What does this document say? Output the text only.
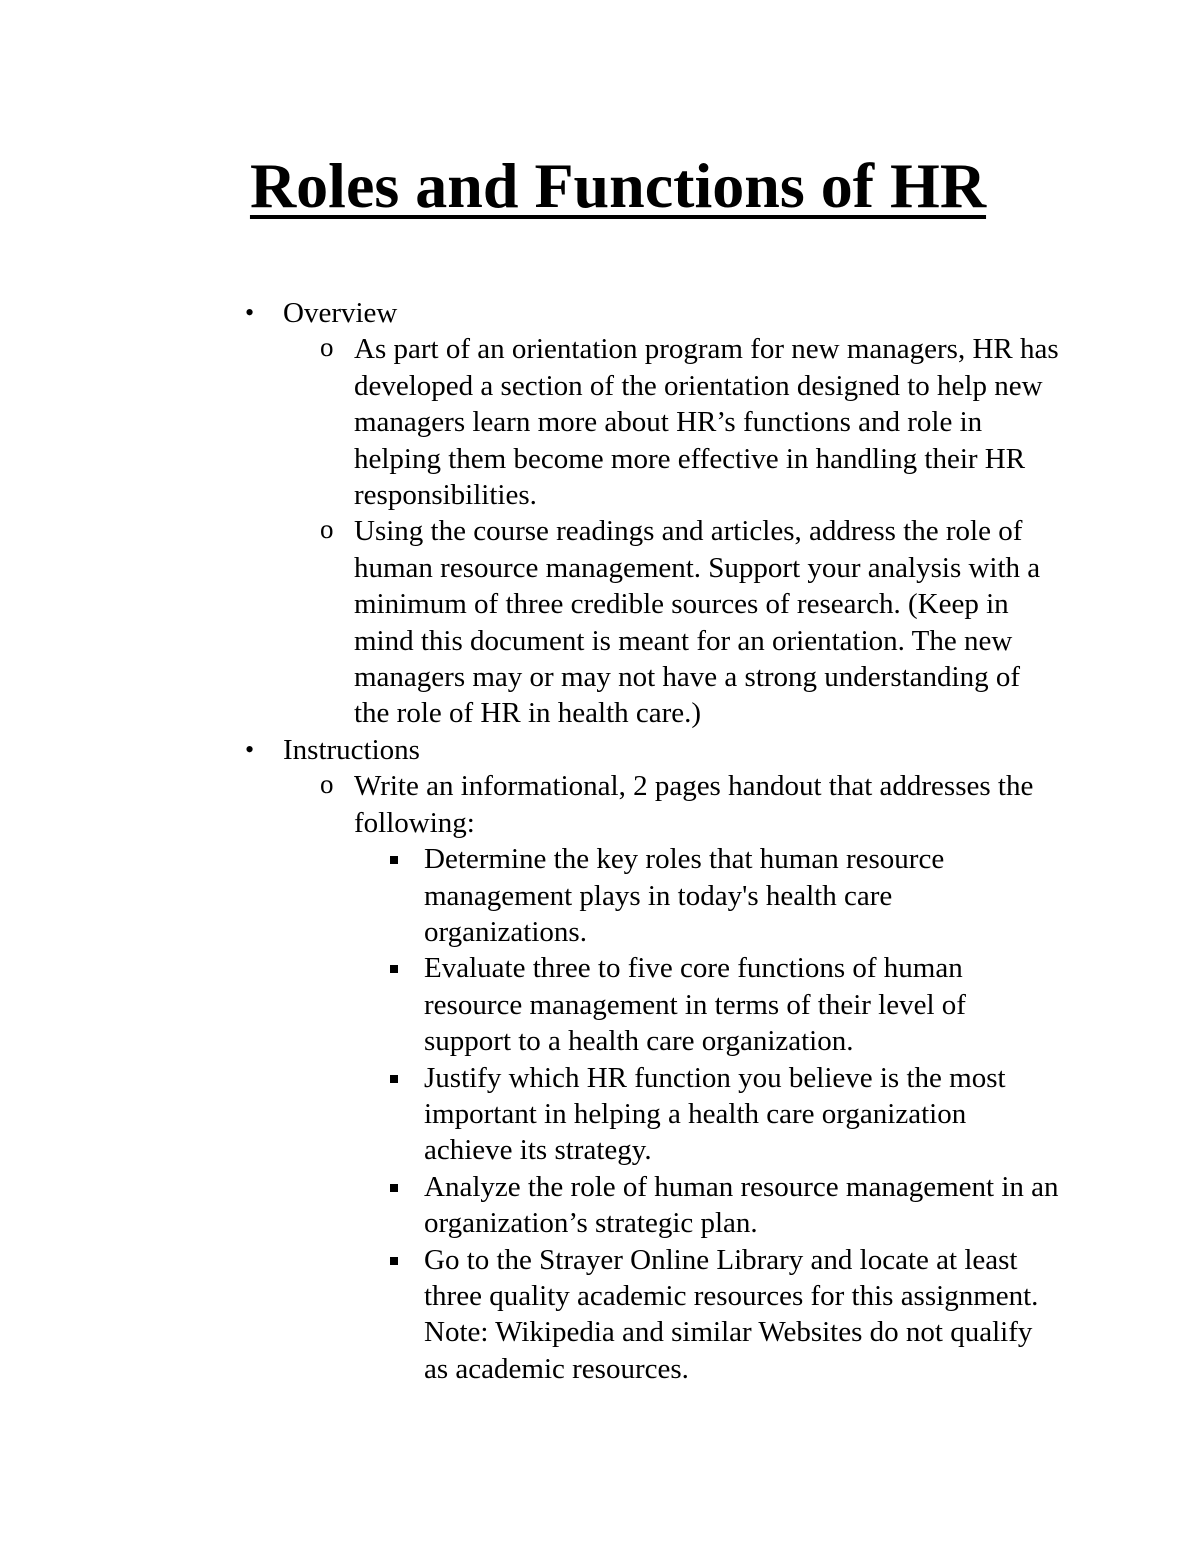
Roles and Functions of HR
• Overview
o As part of an orientation program for new managers, HR has developed a section of the orientation designed to help new managers learn more about HR’s functions and role in helping them become more effective in handling their HR responsibilities.
o Using the course readings and articles, address the role of human resource management. Support your analysis with a minimum of three credible sources of research. (Keep in mind this document is meant for an orientation. The new managers may or may not have a strong understanding of the role of HR in health care.)
• Instructions
o Write an informational, 2 pages handout that addresses the following:
Determine the key roles that human resource management plays in today's health care organizations.
Evaluate three to five core functions of human resource management in terms of their level of support to a health care organization.
Justify which HR function you believe is the most important in helping a health care organization achieve its strategy.
Analyze the role of human resource management in an organization’s strategic plan.
Go to the Strayer Online Library and locate at least three quality academic resources for this assignment. Note: Wikipedia and similar Websites do not qualify as academic resources.
